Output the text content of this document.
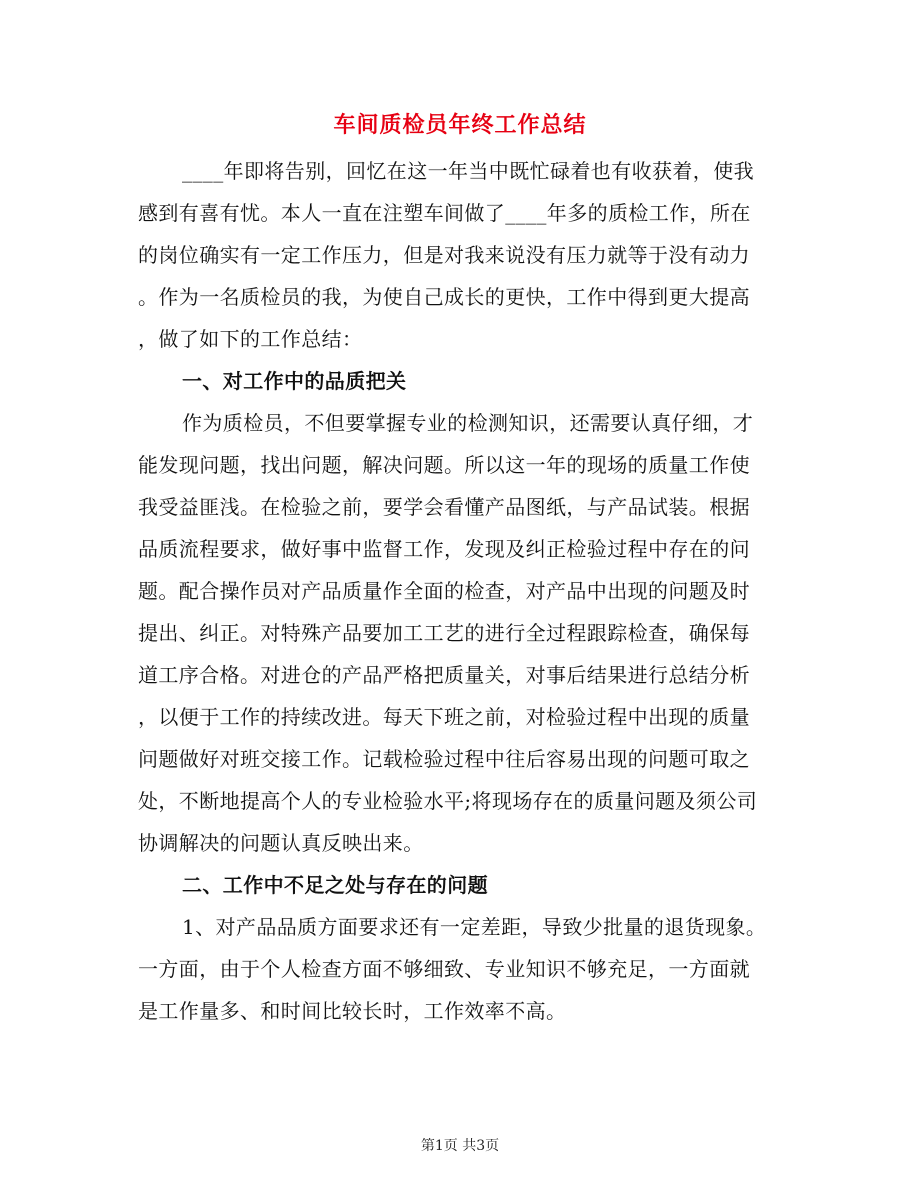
车间质检员年终工作总结
____年即将告别，回忆在这一年当中既忙碌着也有收获着，使我
感到有喜有忧。本人一直在注塑车间做了____年多的质检工作，所在
的岗位确实有一定工作压力，但是对我来说没有压力就等于没有动力
。作为一名质检员的我，为使自己成长的更快，工作中得到更大提高
，做了如下的工作总结：
一、对工作中的品质把关
作为质检员，不但要掌握专业的检测知识，还需要认真仔细，才
能发现问题，找出问题，解决问题。所以这一年的现场的质量工作使
我受益匪浅。在检验之前，要学会看懂产品图纸，与产品试装。根据
品质流程要求，做好事中监督工作，发现及纠正检验过程中存在的问
题。配合操作员对产品质量作全面的检查，对产品中出现的问题及时
提出、纠正。对特殊产品要加工工艺的进行全过程跟踪检查，确保每
道工序合格。对进仓的产品严格把质量关，对事后结果进行总结分析
，以便于工作的持续改进。每天下班之前，对检验过程中出现的质量
问题做好对班交接工作。记载检验过程中往后容易出现的问题可取之
处，不断地提高个人的专业检验水平;将现场存在的质量问题及须公司
协调解决的问题认真反映出来。
二、工作中不足之处与存在的问题
1、对产品品质方面要求还有一定差距，导致少批量的退货现象。
一方面，由于个人检查方面不够细致、专业知识不够充足，一方面就
是工作量多、和时间比较长时，工作效率不高。
第1页 共3页
